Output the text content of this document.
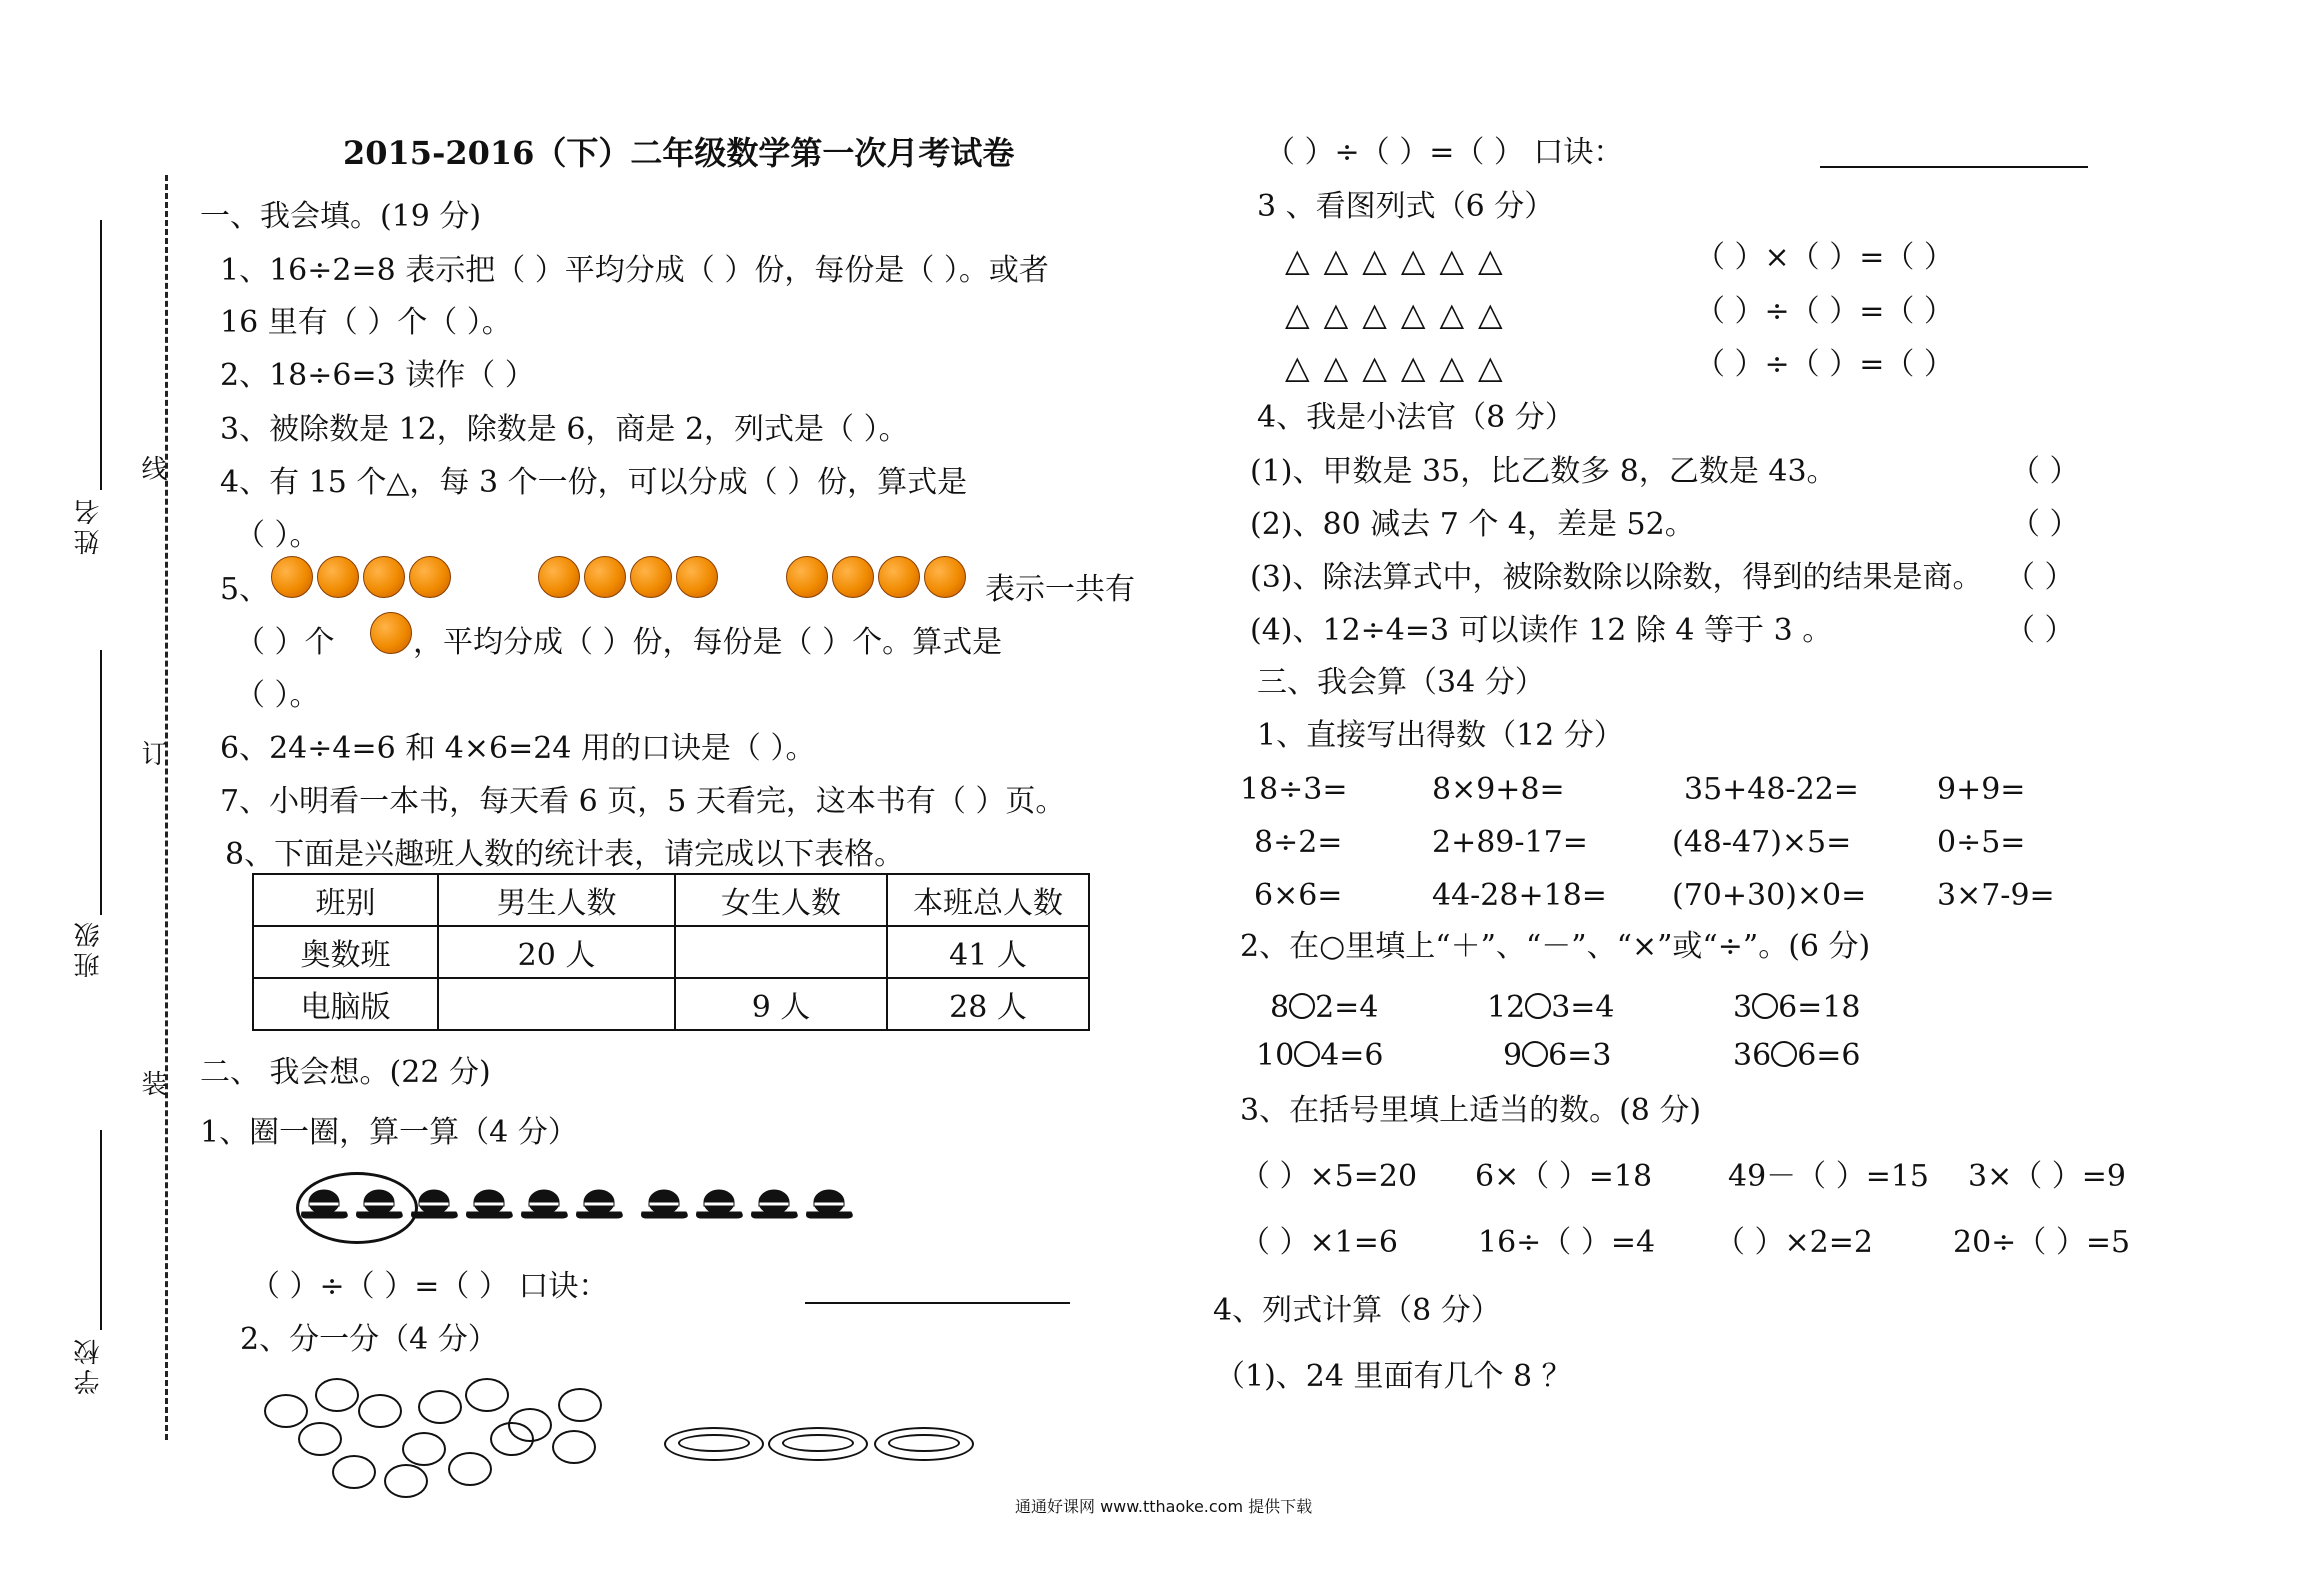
线
订
装
姓名
班级
学校
2015-2016（下）二年级数学第一次月考试卷
一、我会填。(19 分)
1、16÷2=8 表示把（ ）平均分成（ ）份，每份是（ ）。或者
16 里有（ ）个（ ）。
2、18÷6=3 读作（ ）
3、被除数是 12，除数是 6，商是 2，列式是（ ）。
4、有 15 个△，每 3 个一份，可以分成（ ）份，算式是
（ ）。
5、	表示一共有
（ ）个	，平均分成（ ）份，每份是（ ）个。算式是
（ ）。
6、24÷4=6 和 4×6=24 用的口诀是（ ）。
7、小明看一本书，每天看 6 页，5 天看完，这本书有（ ）页。
8、下面是兴趣班人数的统计表，请完成以下表格。
班别	男生人数	女生人数	本班总人数
奥数班	20 人		41 人
电脑版		9 人	28 人
二、 我会想。(22 分)
1、圈一圈，算一算（4 分）
（ ）÷（ ）=（ ） 口诀：
2、分一分（4 分）
（ ）÷（ ）=（ ） 口诀：
3 、看图列式（6 分）
△△△△△△
△△△△△△
△△△△△△
（ ）×（ ）=（ ）
（ ）÷（ ）=（ ）
（ ）÷（ ）=（ ）
4、我是小法官（8 分）
(1)、甲数是 35，比乙数多 8，乙数是 43。	（ ）
(2)、80 减去 7 个 4，差是 52。	（ ）
(3)、除法算式中，被除数除以除数，得到的结果是商。 （ ）
(4)、12÷4=3 可以读作 12 除 4 等于 3 。	（ ）
三、我会算（34 分）
1、直接写出得数（12 分）
18÷3=	8×9+8=	35+48-22=	9+9=
8÷2=	2+89-17=	(48-47)×5=	0÷5=
6×6=	44-28+18= (70+30)×0= 3×7-9=
2、在○里填上“＋”、“－”、“×”或“÷”。(6 分)
8 2=4	12 3=4	3 6=18
10 4=6	9 6=3	36 6=6
3、在括号里填上适当的数。(8 分)
（ ）×5=20 6×（ ）=18	49－（ ）=15 3×（ ）=9
（ ）×1=6	16÷（ ）=4 （ ）×2=2	20÷（ ）=5
4、列式计算（8 分）
（1)、24 里面有几个 8 ？
通通好课网 www.tthaoke.com 提供下载
